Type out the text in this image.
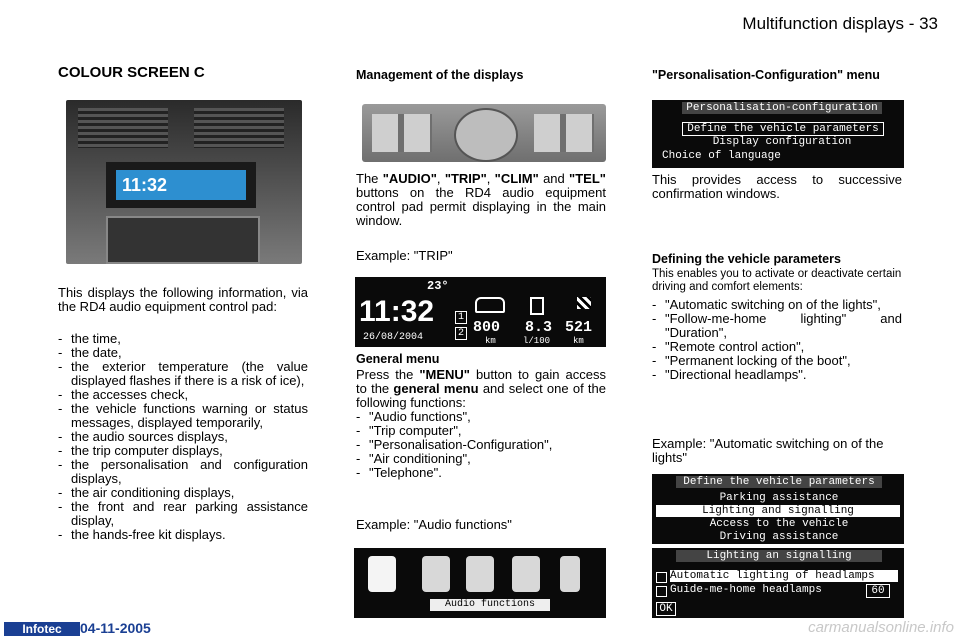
Multifunction displays - 33
COLOUR SCREEN C
11:32
This displays the following information, via the RD4 audio equipment control pad:
- the time,
- the date,
- the exterior temperature (the value displayed flashes if there is a risk of ice),
- the accesses check,
- the vehicle functions warning or status messages, displayed temporarily,
- the audio sources displays,
- the trip computer displays,
- the personalisation and configuration displays,
- the air conditioning displays,
- the front and rear parking assistance display,
- the hands-free kit displays.
Management of the displays
The "AUDIO", "TRIP", "CLIM" and "TEL" buttons on the RD4 audio equipment control pad permit displaying in the main window.
Example: "TRIP"
23°
11:32
26/08/2004
1
2 800 8.3 521
km	l/100	km
General menu
Press the "MENU" button to gain access to the general menu and select one of the following functions:
- "Audio functions",
- "Trip computer",
- "Personalisation-Configuration",
- "Air conditioning",
- "Telephone".
Example: "Audio functions"
Audio functions
"Personalisation-Configuration" menu
Personalisation-configuration
Define the vehicle parameters
Display configuration
Choice of language
This provides access to successive confirmation windows.
Defining the vehicle parameters
This enables you to activate or deactivate certain driving and comfort elements:
- "Automatic switching on of the lights",
- "Follow-me-home lighting" and "Duration",
- "Remote control action",
- "Permanent locking of the boot",
- "Directional headlamps".
Example: "Automatic switching on of the lights"
Define the vehicle parameters
Parking assistance
Lighting and signalling
Access to the vehicle
Driving assistance
Lighting an signalling
Automatic lighting of headlamps
Guide-me-home headlamps	60
OK
Infotec	04-11-2005	carmanualsonline.info
